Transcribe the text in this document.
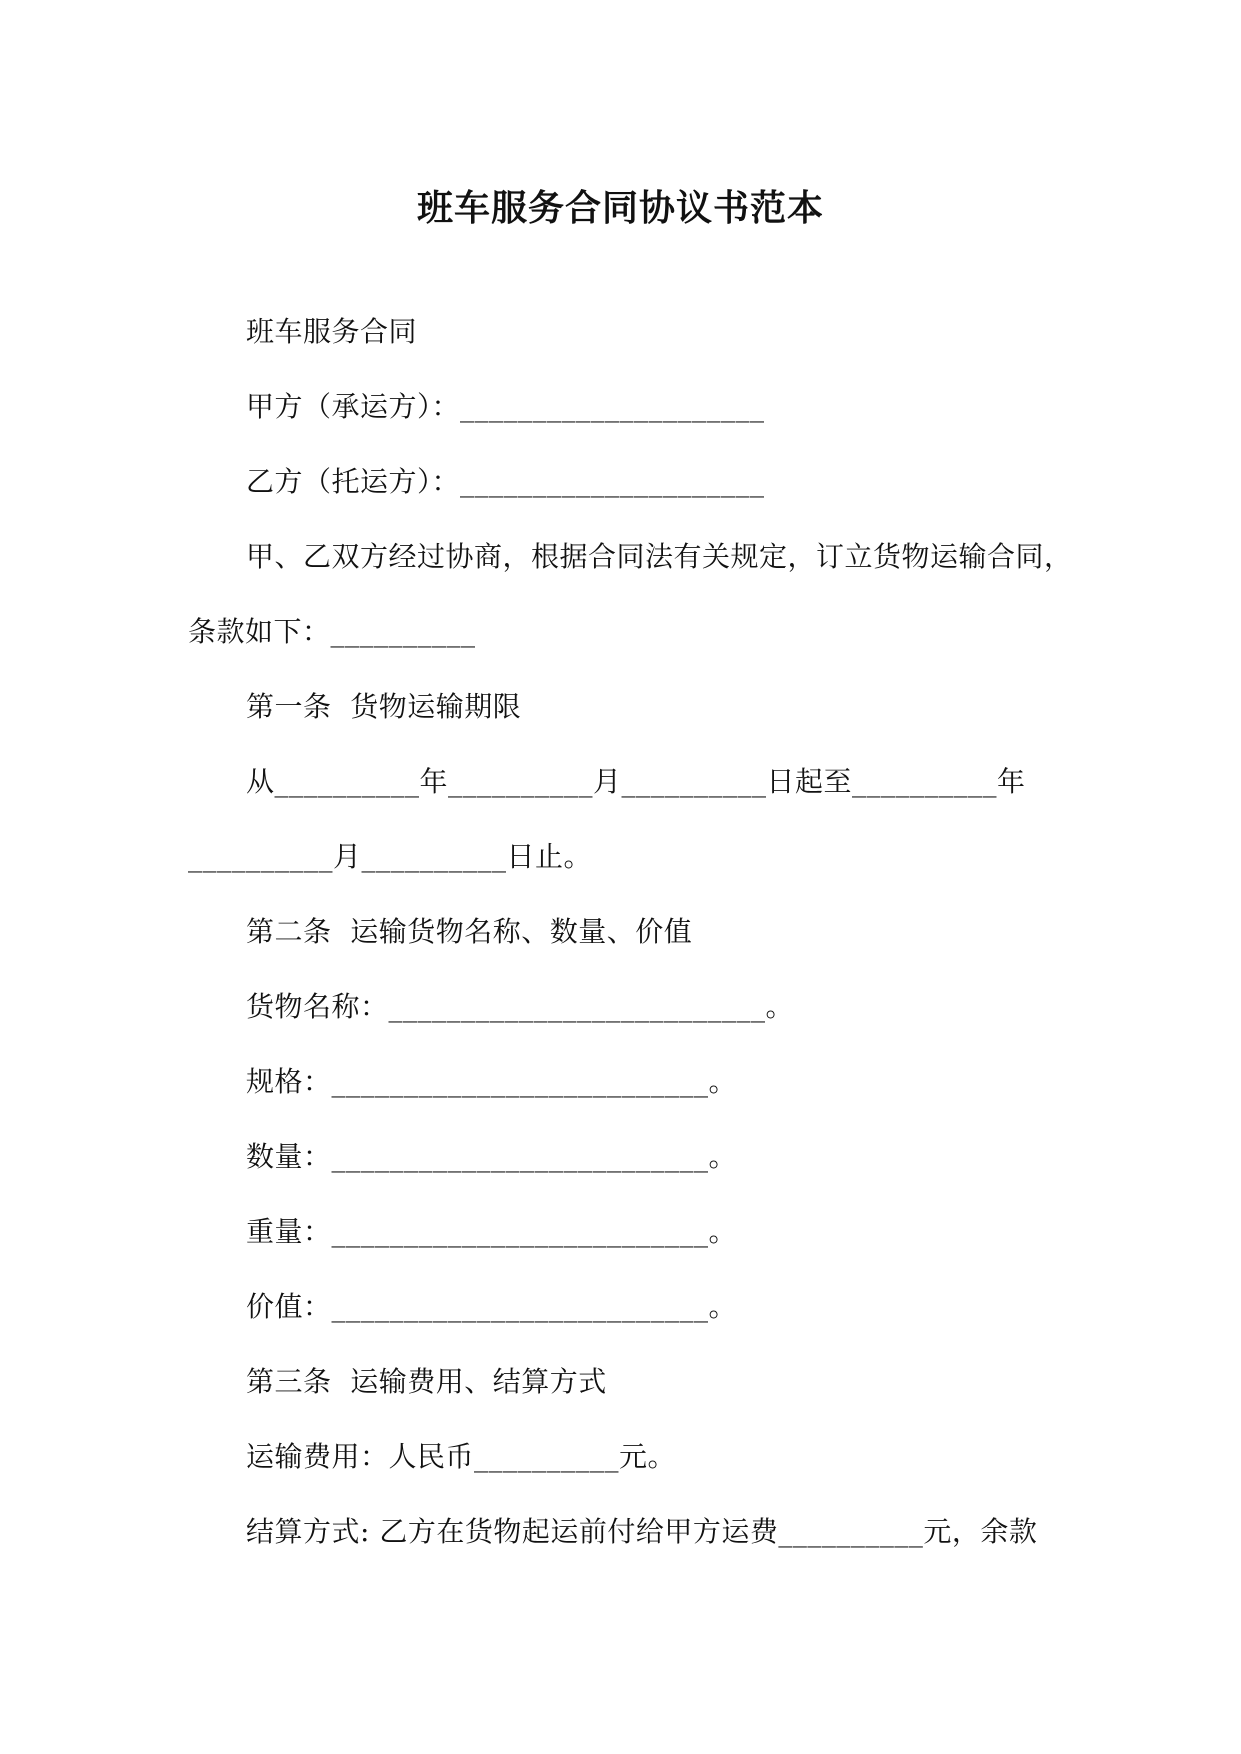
班车服务合同协议书范本
班车服务合同
甲方（承运方）：_____________________
乙方（托运方）：_____________________
甲、乙双方经过协商，根据合同法有关规定，订立货物运输合同，
条款如下：__________
第一条  货物运输期限
从__________年__________月__________日起至__________年
__________月__________日止。
第二条  运输货物名称、数量、价值
货物名称：__________________________。
规格：__________________________。
数量：__________________________。
重量：__________________________。
价值：__________________________。
第三条  运输费用、结算方式
运输费用：人民币__________元。
结算方式: 乙方在货物起运前付给甲方运费__________元，余款
